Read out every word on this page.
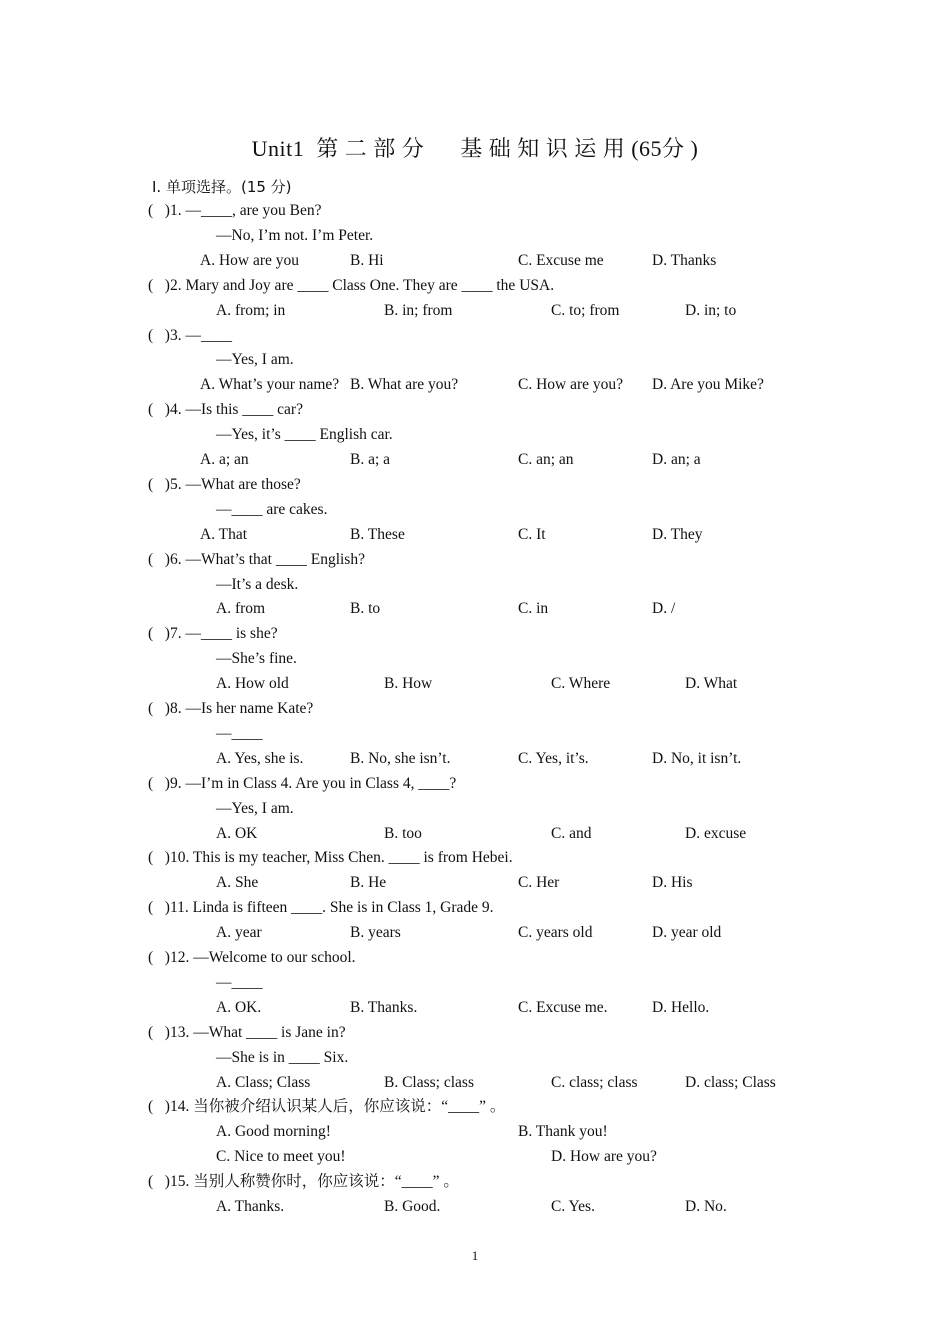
Unit1  第 二 部 分      基 础 知 识 运 用 (65分 )
Ⅰ. 单项选择。(15 分)
(   )1. —____, are you Ben?
—No, I’m not. I’m Peter.
A. How are you	B. Hi	C. Excuse me	D. Thanks
(   )2. Mary and Joy are ____ Class One. They are ____ the USA.
A. from; in	B. in; from	C. to; from	D. in; to
(   )3. —____
—Yes, I am.
A. What’s your name? B. What are you?	C. How are you? D. Are you Mike?
(   )4. —Is this ____ car?
—Yes, it’s ____ English car.
A. a; an	B. a; a	C. an; an	D. an; a
(   )5. —What are those?
—____ are cakes.
A. That	B. These	C. It	D. They
(   )6. —What’s that ____ English?
—It’s a desk.
A. from	B. to	C. in	D. /
(   )7. —____ is she?
—She’s fine.
A. How old	B. How	C. Where	D. What
(   )8. —Is her name Kate?
—____
A. Yes, she is.	B. No, she isn’t.	C. Yes, it’s.	D. No, it isn’t.
(   )9. —I’m in Class 4. Are you in Class 4, ____?
—Yes, I am.
A. OK	B. too	C. and	D. excuse
(   )10. This is my teacher, Miss Chen. ____ is from Hebei.
A. She	B. He	C. Her	D. His
(   )11. Linda is fifteen ____. She is in Class 1, Grade 9.
A. year	B. years	C. years old	D. year old
(   )12. —Welcome to our school.
—____
A. OK.	B. Thanks.	C. Excuse me.	D. Hello.
(   )13. —What ____ is Jane in?
—She is in ____ Six.
A. Class; Class	B. Class; class	C. class; class	D. class; Class
(   )14. 当你被介绍认识某人后，你应该说：“____” 。
A. Good morning!	B. Thank you!
C. Nice to meet you!	D. How are you?
(   )15. 当别人称赞你时，你应该说：“____” 。
A. Thanks.	B. Good.	C. Yes.	D. No.
1
